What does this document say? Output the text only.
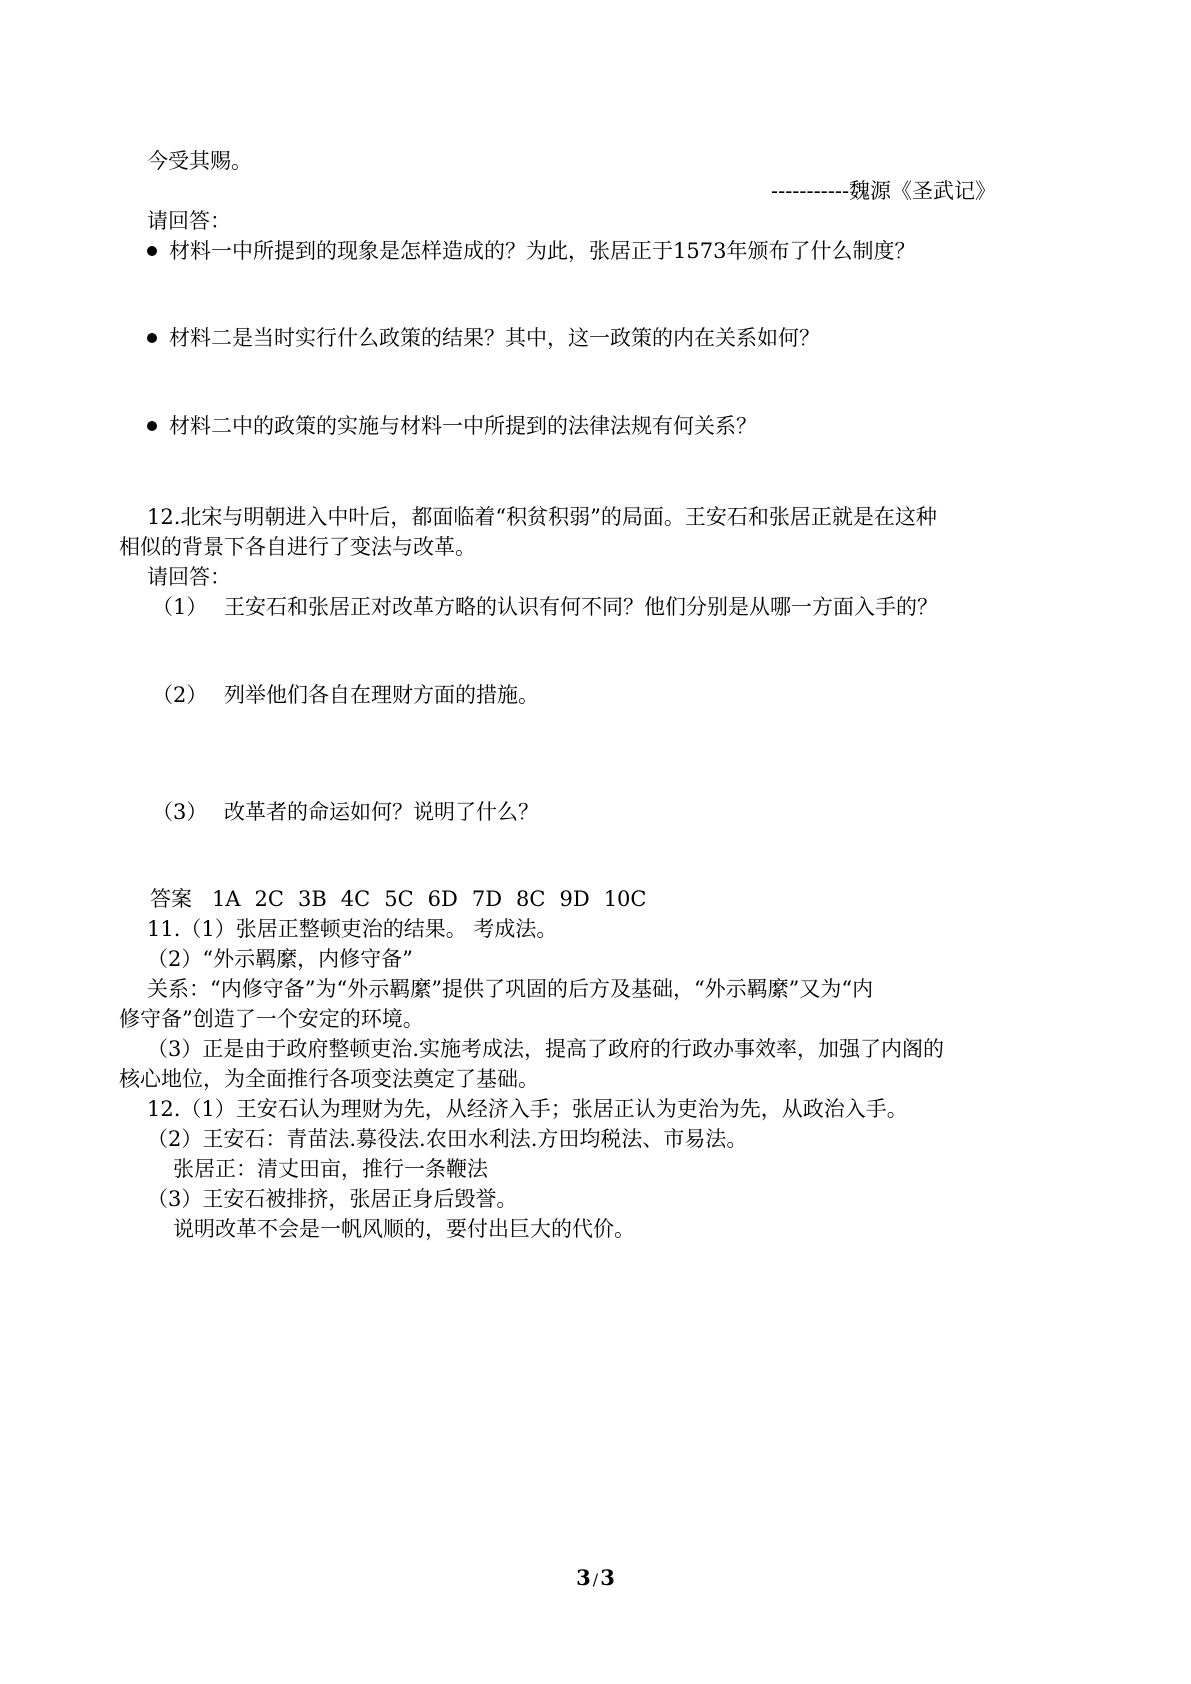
今受其赐。
-----------魏源《圣武记》
请回答：
材料一中所提到的现象是怎样造成的？为此，张居正于1573年颁布了什么制度？
材料二是当时实行什么政策的结果？其中，这一政策的内在关系如何？
材料二中的政策的实施与材料一中所提到的法律法规有何关系？
12.北宋与明朝进入中叶后，都面临着“积贫积弱”的局面。王安石和张居正就是在这种
相似的背景下各自进行了变法与改革。
请回答：
（1） 王安石和张居正对改革方略的认识有何不同？他们分别是从哪一方面入手的？
（2） 列举他们各自在理财方面的措施。
（3） 改革者的命运如何？说明了什么？
答案 1A 2C 3B 4C 5C 6D 7D 8C 9D 10C
11.（1）张居正整顿吏治的结果。 考成法。
（2）“外示羁縻，内修守备”
关系：“内修守备”为“外示羁縻”提供了巩固的后方及基础，“外示羁縻”又为“内
修守备”创造了一个安定的环境。
（3）正是由于政府整顿吏治.实施考成法，提高了政府的行政办事效率，加强了内阁的
核心地位，为全面推行各项变法奠定了基础。
12.（1）王安石认为理财为先，从经济入手；张居正认为吏治为先，从政治入手。
（2）王安石：青苗法.募役法.农田水利法.方田均税法、市易法。
张居正：清丈田亩，推行一条鞭法
（3）王安石被排挤，张居正身后毁誉。
说明改革不会是一帆风顺的，要付出巨大的代价。
3 /3
